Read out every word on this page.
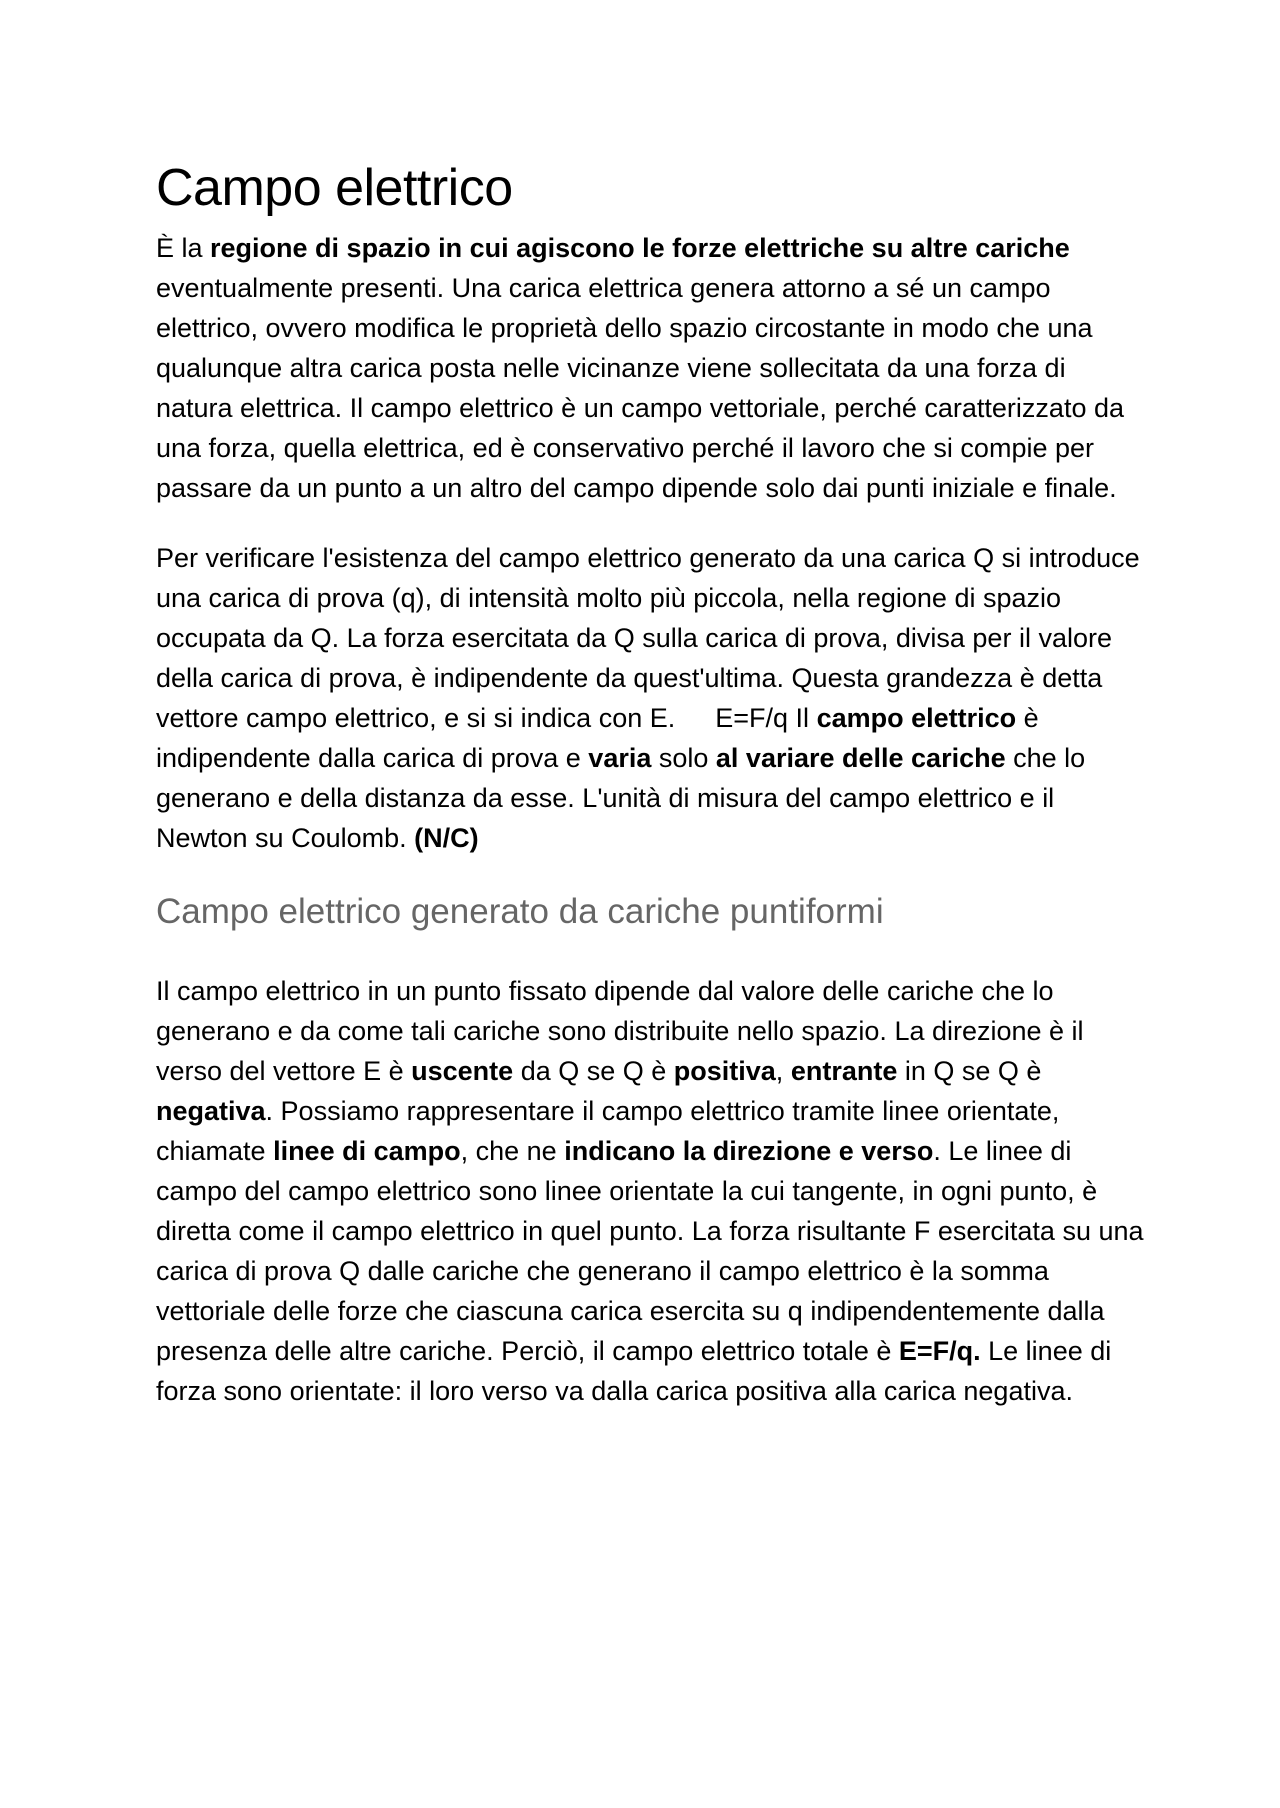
Campo elettrico

È la regione di spazio in cui agiscono le forze elettriche su altre cariche eventualmente presenti. Una carica elettrica genera attorno a sé un campo elettrico, ovvero modifica le proprietà dello spazio circostante in modo che una qualunque altra carica posta nelle vicinanze viene sollecitata da una forza di natura elettrica. Il campo elettrico è un campo vettoriale, perché caratterizzato da una forza, quella elettrica, ed è conservativo perché il lavoro che si compie per passare da un punto a un altro del campo dipende solo dai punti iniziale e finale.

Per verificare l'esistenza del campo elettrico generato da una carica Q si introduce una carica di prova (q), di intensità molto più piccola, nella regione di spazio occupata da Q. La forza esercitata da Q sulla carica di prova, divisa per il valore della carica di prova, è indipendente da quest'ultima. Questa grandezza è detta vettore campo elettrico, e si si indica con E. E=F/q Il campo elettrico è indipendente dalla carica di prova e varia solo al variare delle cariche che lo generano e della distanza da esse. L'unità di misura del campo elettrico e il Newton su Coulomb. (N/C)

Campo elettrico generato da cariche puntiformi

Il campo elettrico in un punto fissato dipende dal valore delle cariche che lo generano e da come tali cariche sono distribuite nello spazio. La direzione è il verso del vettore E è uscente da Q se Q è positiva, entrante in Q se Q è negativa. Possiamo rappresentare il campo elettrico tramite linee orientate, chiamate linee di campo, che ne indicano la direzione e verso. Le linee di campo del campo elettrico sono linee orientate la cui tangente, in ogni punto, è diretta come il campo elettrico in quel punto. La forza risultante F esercitata su una carica di prova Q dalle cariche che generano il campo elettrico è la somma vettoriale delle forze che ciascuna carica esercita su q indipendentemente dalla presenza delle altre cariche. Perciò, il campo elettrico totale è E=F/q. Le linee di forza sono orientate: il loro verso va dalla carica positiva alla carica negativa.
